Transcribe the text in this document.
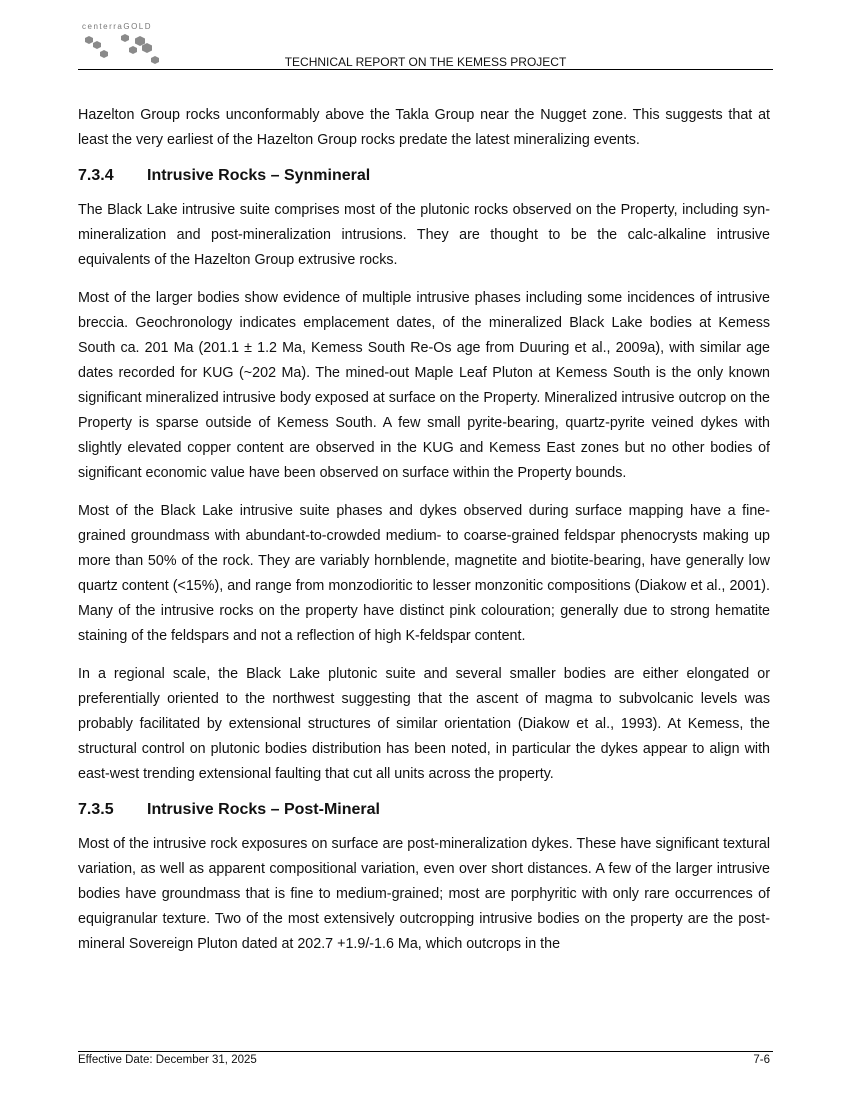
centerraGOLD
TECHNICAL REPORT ON THE KEMESS PROJECT

Hazelton Group rocks unconformably above the Takla Group near the Nugget zone. This suggests that at least the very earliest of the Hazelton Group rocks predate the latest mineralizing events.

7.3.4 Intrusive Rocks – Synmineral

The Black Lake intrusive suite comprises most of the plutonic rocks observed on the Property, including syn-mineralization and post-mineralization intrusions. They are thought to be the calc-alkaline intrusive equivalents of the Hazelton Group extrusive rocks.

Most of the larger bodies show evidence of multiple intrusive phases including some incidences of intrusive breccia. Geochronology indicates emplacement dates, of the mineralized Black Lake bodies at Kemess South ca. 201 Ma (201.1 ± 1.2 Ma, Kemess South Re-Os age from Duuring et al., 2009a), with similar age dates recorded for KUG (~202 Ma). The mined-out Maple Leaf Pluton at Kemess South is the only known significant mineralized intrusive body exposed at surface on the Property. Mineralized intrusive outcrop on the Property is sparse outside of Kemess South. A few small pyrite-bearing, quartz-pyrite veined dykes with slightly elevated copper content are observed in the KUG and Kemess East zones but no other bodies of significant economic value have been observed on surface within the Property bounds.

Most of the Black Lake intrusive suite phases and dykes observed during surface mapping have a fine-grained groundmass with abundant-to-crowded medium- to coarse-grained feldspar phenocrysts making up more than 50% of the rock. They are variably hornblende, magnetite and biotite-bearing, have generally low quartz content (<15%), and range from monzodioritic to lesser monzonitic compositions (Diakow et al., 2001). Many of the intrusive rocks on the property have distinct pink colouration; generally due to strong hematite staining of the feldspars and not a reflection of high K-feldspar content.

In a regional scale, the Black Lake plutonic suite and several smaller bodies are either elongated or preferentially oriented to the northwest suggesting that the ascent of magma to subvolcanic levels was probably facilitated by extensional structures of similar orientation (Diakow et al., 1993). At Kemess, the structural control on plutonic bodies distribution has been noted, in particular the dykes appear to align with east-west trending extensional faulting that cut all units across the property.

7.3.5 Intrusive Rocks – Post-Mineral

Most of the intrusive rock exposures on surface are post-mineralization dykes. These have significant textural variation, as well as apparent compositional variation, even over short distances. A few of the larger intrusive bodies have groundmass that is fine to medium-grained; most are porphyritic with only rare occurrences of equigranular texture. Two of the most extensively outcropping intrusive bodies on the property are the post-mineral Sovereign Pluton dated at 202.7 +1.9/-1.6 Ma, which outcrops in the

Effective Date: December 31, 2025	7-6
